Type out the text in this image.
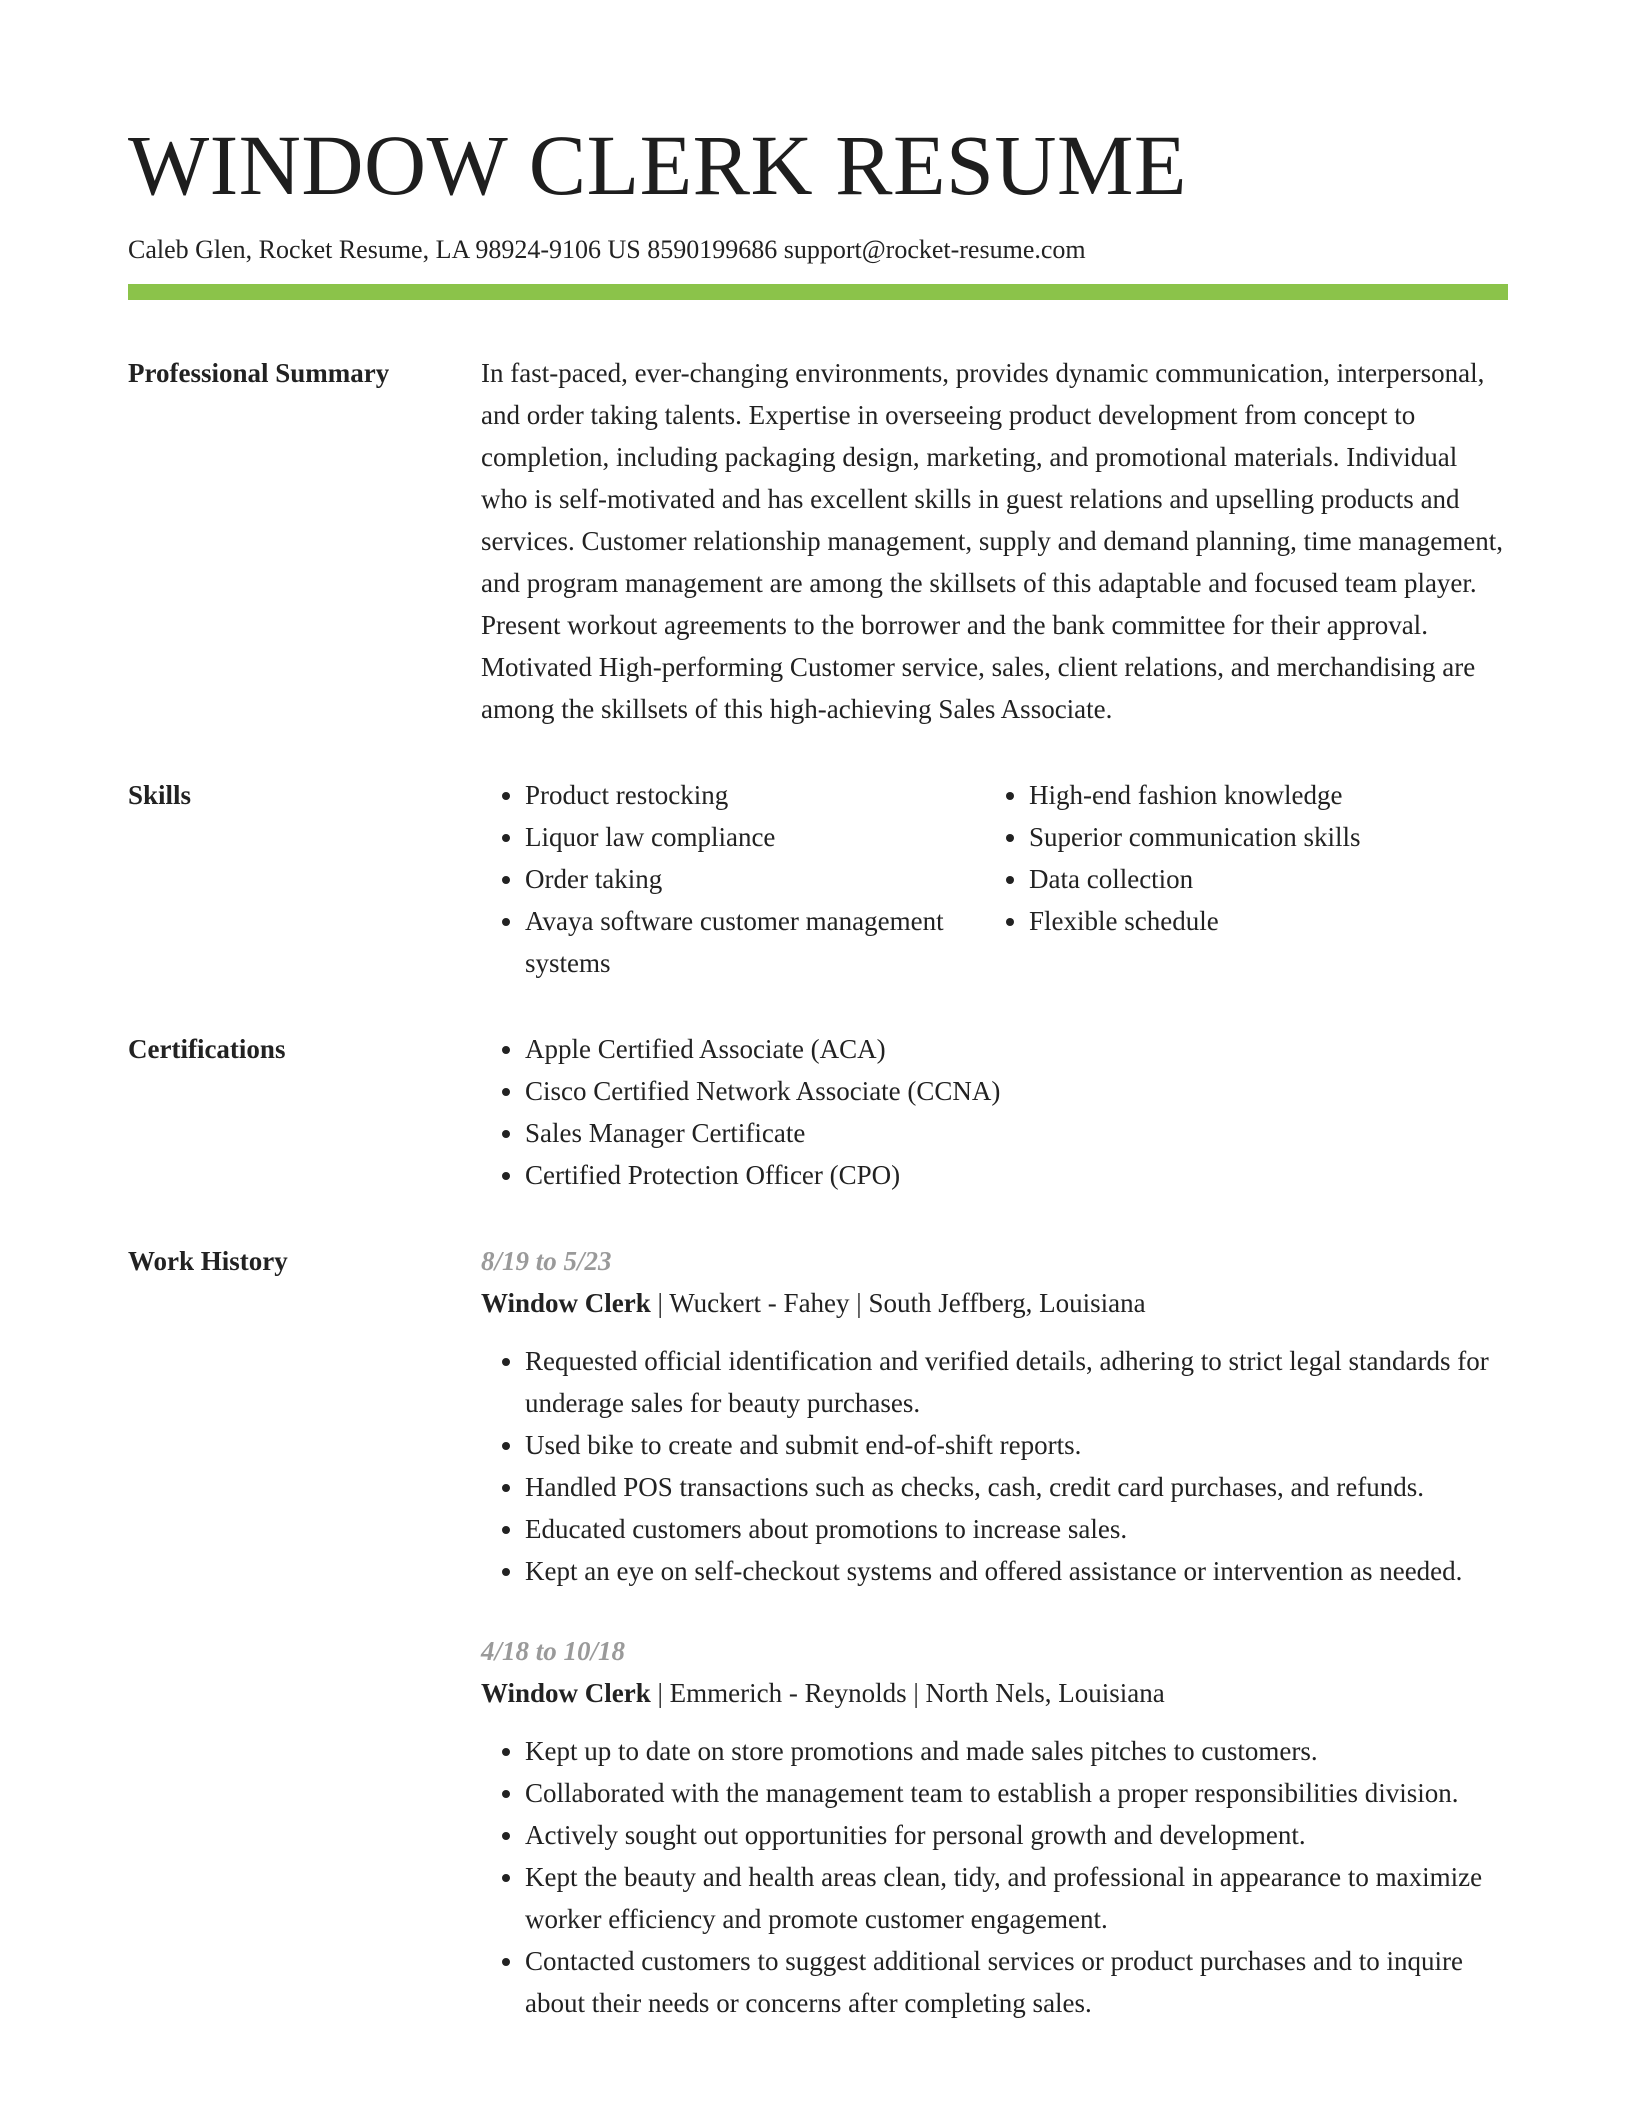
WINDOW CLERK RESUME
Caleb Glen, Rocket Resume, LA 98924-9106 US 8590199686 support@rocket-resume.com
Professional Summary	In fast-paced, ever-changing environments, provides dynamic communication, interpersonal, and order taking talents. Expertise in overseeing product development from concept to completion, including packaging design, marketing, and promotional materials. Individual who is self-motivated and has excellent skills in guest relations and upselling products and services. Customer relationship management, supply and demand planning, time management, and program management are among the skillsets of this adaptable and focused team player. Present workout agreements to the borrower and the bank committee for their approval. Motivated High-performing Customer service, sales, client relations, and merchandising are among the skillsets of this high-achieving Sales Associate.

Skills	• Product restocking
• Liquor law compliance
• Order taking
• Avaya software customer management systems
• High-end fashion knowledge
• Superior communication skills
• Data collection
• Flexible schedule
Certifications	• Apple Certified Associate (ACA)
• Cisco Certified Network Associate (CCNA)
• Sales Manager Certificate
• Certified Protection Officer (CPO)
Work History	8/19 to 5/23
Window Clerk | Wuckert - Fahey | South Jeffberg, Louisiana
• Requested official identification and verified details, adhering to strict legal standards for underage sales for beauty purchases.
• Used bike to create and submit end-of-shift reports.
• Handled POS transactions such as checks, cash, credit card purchases, and refunds.
• Educated customers about promotions to increase sales.
• Kept an eye on self-checkout systems and offered assistance or intervention as needed.
4/18 to 10/18
Window Clerk | Emmerich - Reynolds | North Nels, Louisiana
• Kept up to date on store promotions and made sales pitches to customers.
• Collaborated with the management team to establish a proper responsibilities division.
• Actively sought out opportunities for personal growth and development.
• Kept the beauty and health areas clean, tidy, and professional in appearance to maximize worker efficiency and promote customer engagement.
• Contacted customers to suggest additional services or product purchases and to inquire about their needs or concerns after completing sales.
